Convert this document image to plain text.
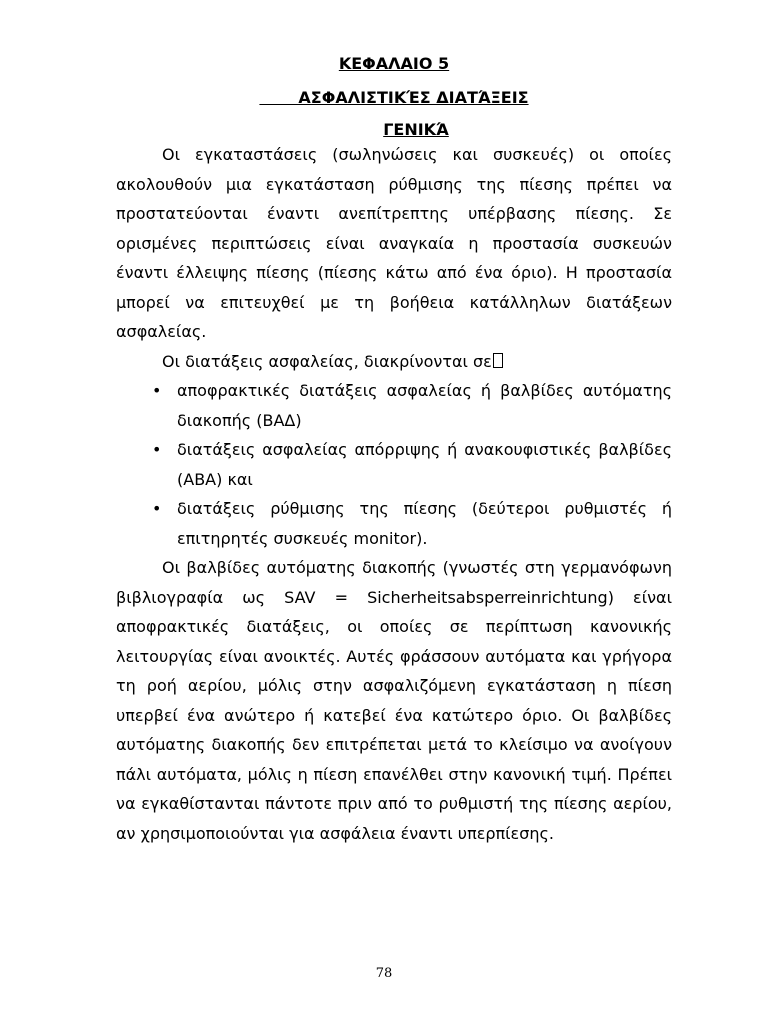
ΚΕΦΑΛΑΙΟ 5
ΑΣΦΑΛΙΣΤΙΚΈΣ ΔΙΑΤΆΞΕΙΣ
ΓΕΝΙΚΆ

Οι εγκαταστάσεις (σωληνώσεις και συσκευές) οι οποίες ακολουθούν μια εγκατάσταση ρύθμισης της πίεσης πρέπει να προστατεύονται έναντι ανεπίτρεπτης υπέρβασης πίεσης. Σε ορισμένες περιπτώσεις είναι αναγκαία η προστασία συσκευών έναντι έλλειψης πίεσης (πίεσης κάτω από ένα όριο). Η προστασία μπορεί να επιτευχθεί με τη βοήθεια κατάλληλων διατάξεων ασφαλείας.

Οι διατάξεις ασφαλείας, διακρίνονται σε

• αποφρακτικές διατάξεις ασφαλείας ή βαλβίδες αυτόματης διακοπής (ΒΑΔ)
• διατάξεις ασφαλείας απόρριψης ή ανακουφιστικές βαλβίδες (ΑΒΑ) και
• διατάξεις ρύθμισης της πίεσης (δεύτεροι ρυθμιστές ή επιτηρητές συσκευές monitor).

Οι βαλβίδες αυτόματης διακοπής (γνωστές στη γερμανόφωνη βιβλιογραφία ως SAV = Sicherheitsabsperreinrichtung) είναι αποφρακτικές διατάξεις, οι οποίες σε περίπτωση κανονικής λειτουργίας είναι ανοικτές. Αυτές φράσσουν αυτόματα και γρήγορα τη ροή αερίου, μόλις στην ασφαλιζόμενη εγκατάσταση η πίεση υπερβεί ένα ανώτερο ή κατεβεί ένα κατώτερο όριο. Οι βαλβίδες αυτόματης διακοπής δεν επιτρέπεται μετά το κλείσιμο να ανοίγουν πάλι αυτόματα, μόλις η πίεση επανέλθει στην κανονική τιμή. Πρέπει να εγκαθίστανται πάντοτε πριν από το ρυθμιστή της πίεσης αερίου, αν χρησιμοποιούνται για ασφάλεια έναντι υπερπίεσης.

78
